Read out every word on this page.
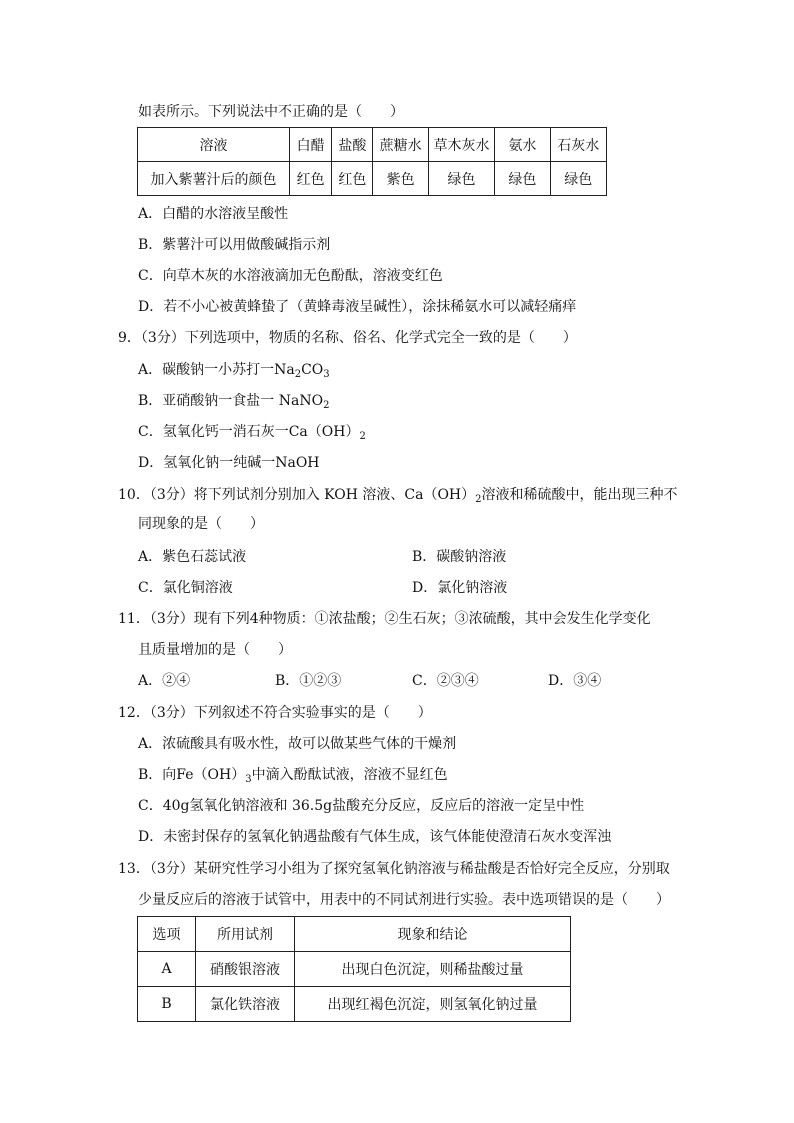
如表所示。下列说法中不正确的是（　　）
溶液	白醋	盐酸	蔗糖水	草木灰水	氨水	石灰水
加入紫薯汁后的颜色	红色	红色	紫色	绿色	绿色	绿色
A．白醋的水溶液呈酸性
B．紫薯汁可以用做酸碱指示剂
C．向草木灰的水溶液滴加无色酚酞，溶液变红色
D．若不小心被黄蜂蛰了（黄蜂毒液呈碱性），涂抹稀氨水可以减轻痛痒
9．（3分）下列选项中，物质的名称、俗名、化学式完全一致的是（　　）
A．碳酸钠一小苏打一$Na_2CO_3$
B．亚硝酸钠一食盐一 NaNO$_2$
C．氢氧化钙一消石灰一$Ca(OH)_2$
D．氢氧化钠一纯碱一NaOH
10．（3分）将下列试剂分别加入 KOH 溶液、$Ca(OH)_2$溶液和稀硫酸中，能出现三种不
同现象的是（　　）
A．紫色石蕊试液	B．碳酸钠溶液
C．氯化铜溶液	D．氯化钠溶液
11．（3分）现有下列4种物质：①浓盐酸；②生石灰；③浓硫酸，其中会发生化学变化
且质量增加的是（　　）
A．②④	B．①②③	C．②③④	D．③④
12．（3分）下列叙述不符合实验事实的是（　　）
A．浓硫酸具有吸水性，故可以做某些气体的干燥剂
B．向$Fe(OH)_3$中滴入酚酞试液，溶液不显红色
C．40g氢氧化钠溶液和 36.5g盐酸充分反应，反应后的溶液一定呈中性
D．未密封保存的氢氧化钠遇盐酸有气体生成，该气体能使澄清石灰水变浑浊
13．（3分）某研究性学习小组为了探究氢氧化钠溶液与稀盐酸是否恰好完全反应，分别取
少量反应后的溶液于试管中，用表中的不同试剂进行实验。表中选项错误的是（　　）
选项	所用试剂	现象和结论
A	硝酸银溶液	出现白色沉淀，则稀盐酸过量
B	氯化铁溶液	出现红褐色沉淀，则氢氧化钠过量
